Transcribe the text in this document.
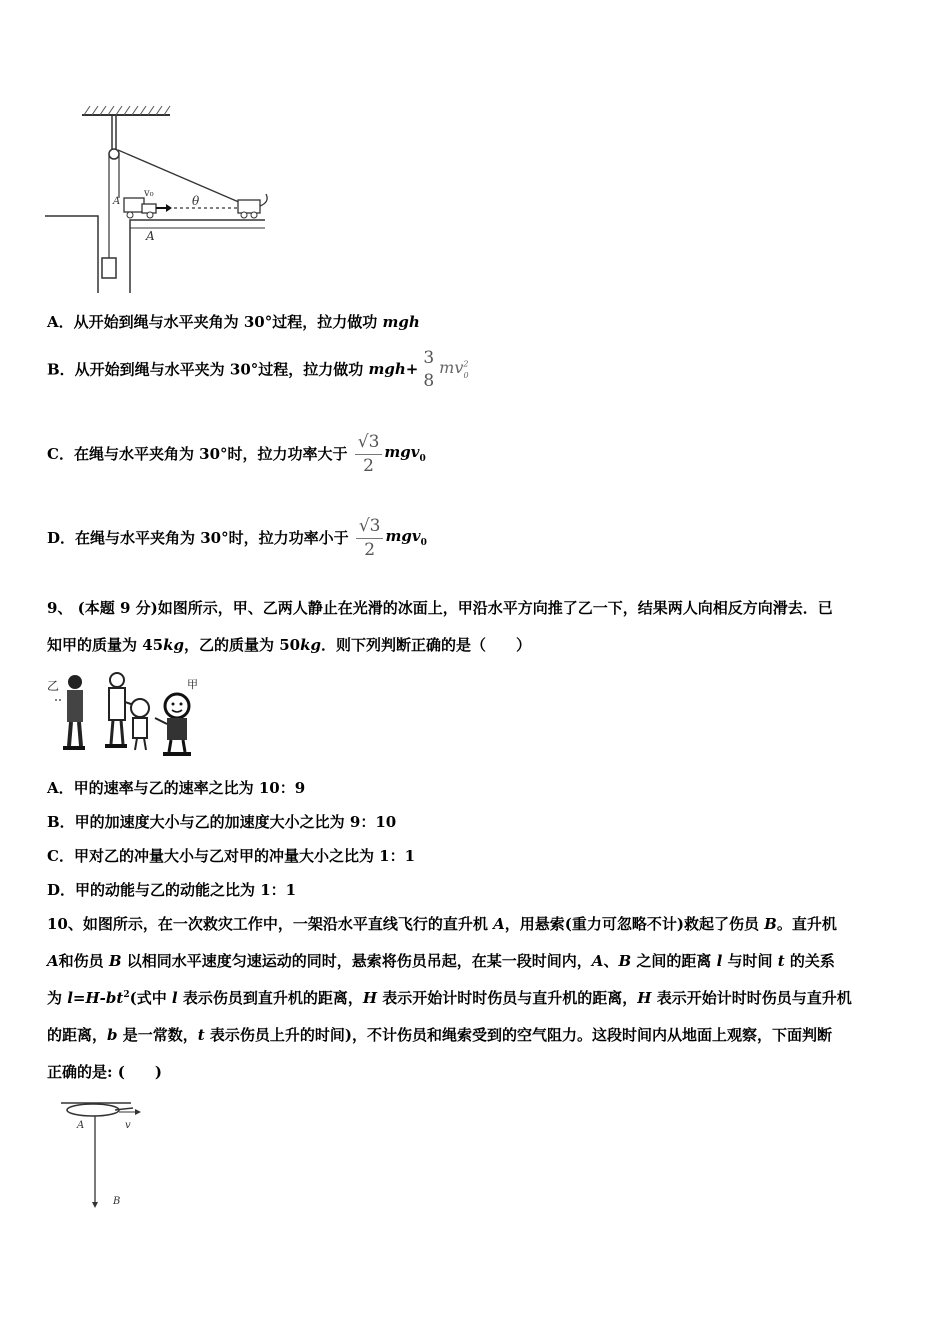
v₀
θ
A
A
A．从开始到绳与水平夹角为 30°过程，拉力做功 mgh
B．从开始到绳与水平夹为 30°过程，拉力做功 mgh+
3
8
$mv^2_0$
C．在绳与水平夹角为 30°时，拉力功率大于 $\frac{√3}{2} mgv_0$
D．在绳与水平夹角为 30°时，拉力功率小于 $\frac{√3}{2} mgv_0$
9、 (本题 9 分)如图所示，甲、乙两人静止在光滑的冰面上，甲沿水平方向推了乙一下，结果两人向相反方向滑去．已
知甲的质量为 45kg，乙的质量为 50kg．则下列判断正确的是（　　）
乙	甲
A．甲的速率与乙的速率之比为 10：9
B．甲的加速度大小与乙的加速度大小之比为 9：10
C．甲对乙的冲量大小与乙对甲的冲量大小之比为 1：1
D．甲的动能与乙的动能之比为 1：1
10、如图所示，在一次救灾工作中，一架沿水平直线飞行的直升机 A，用悬索(重力可忽略不计)救起了伤员 B。直升机
A和伤员 B 以相同水平速度匀速运动的同时，悬索将伤员吊起，在某一段时间内，A、B 之间的距离 l 与时间 t 的关系
为 $l=H-bt^2$(式中 l 表示伤员到直升机的距离，H 表示开始计时时伤员与直升机的距离，H 表示开始计时时伤员与直升机
的距离，b 是一常数，t 表示伤员上升的时间)，不计伤员和绳索受到的空气阻力。这段时间内从地面上观察，下面判断
正确的是: (　　)
A	v
B
